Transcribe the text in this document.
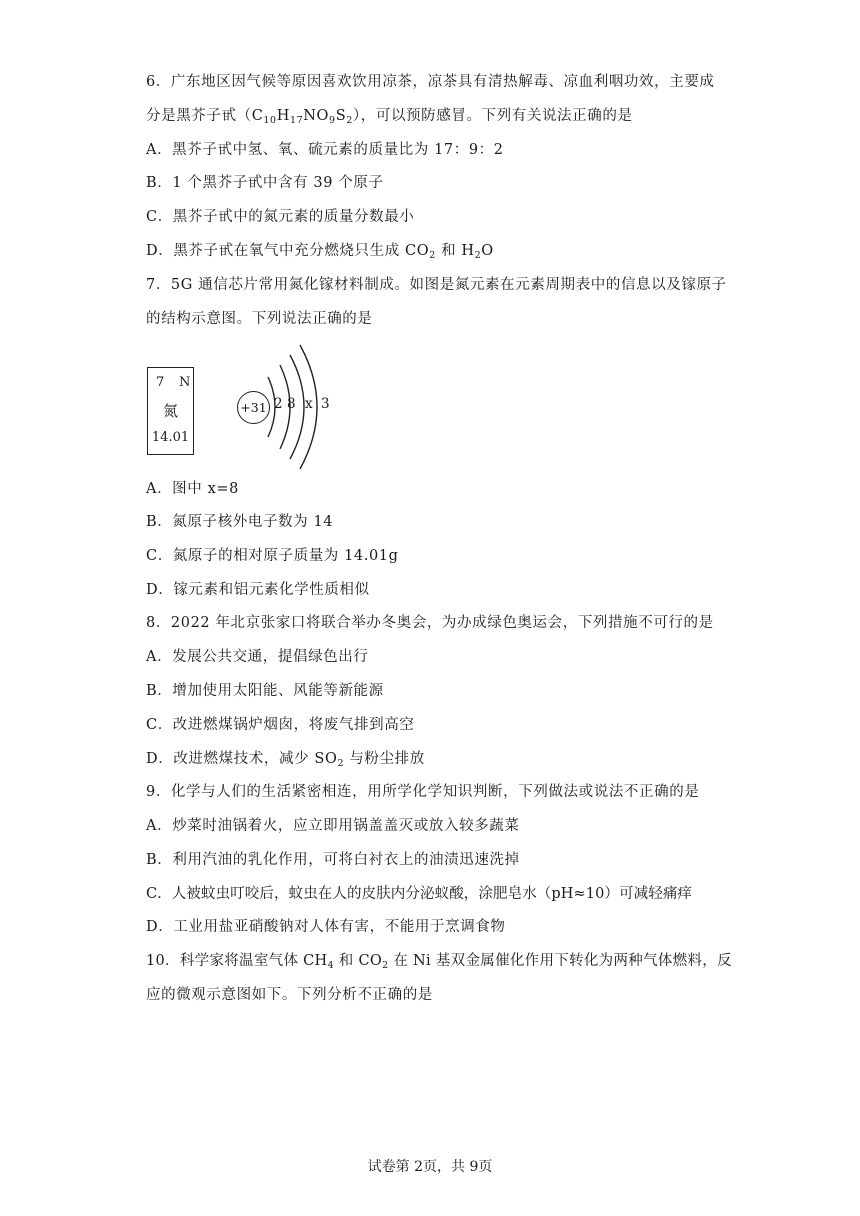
6．广东地区因气候等原因喜欢饮用凉茶，凉茶具有清热解毒、凉血利咽功效，主要成
分是黑芥子甙$(C_{10}H_{17}NO_9S_2)$，可以预防感冒。下列有关说法正确的是
A．黑芥子甙中氢、氧、硫元素的质量比为 17：9：2
B．1 个黑芥子甙中含有 39 个原子
C．黑芥子甙中的氮元素的质量分数最小
D．黑芥子甙在氧气中充分燃烧只生成 $CO_2$ 和 $H_2O$
7．5G 通信芯片常用氮化镓材料制成。如图是氮元素在元素周期表中的信息以及镓原子
的结构示意图。下列说法正确的是
7 N
氮
14.01
+31 2 8 x 3
A．图中 x=8
B．氮原子核外电子数为 14
C．氮原子的相对原子质量为 14.01g
D．镓元素和铝元素化学性质相似
8．2022 年北京张家口将联合举办冬奥会，为办成绿色奥运会，下列措施不可行的是
A．发展公共交通，提倡绿色出行
B．增加使用太阳能、风能等新能源
C．改进燃煤锅炉烟囱，将废气排到高空
D．改进燃煤技术，减少 $SO_2$ 与粉尘排放
9．化学与人们的生活紧密相连，用所学化学知识判断，下列做法或说法不正确的是
A．炒菜时油锅着火，应立即用锅盖盖灭或放入较多蔬菜
B．利用汽油的乳化作用，可将白衬衣上的油渍迅速洗掉
C．人被蚊虫叮咬后，蚊虫在人的皮肤内分泌蚁酸，涂肥皂水（pH≈10）可减轻痛痒
D．工业用盐亚硝酸钠对人体有害，不能用于烹调食物
10．科学家将温室气体 $CH_4$ 和 $CO_2$ 在 Ni 基双金属催化作用下转化为两种气体燃料，反
应的微观示意图如下。下列分析不正确的是
试卷第 2页，共 9页
